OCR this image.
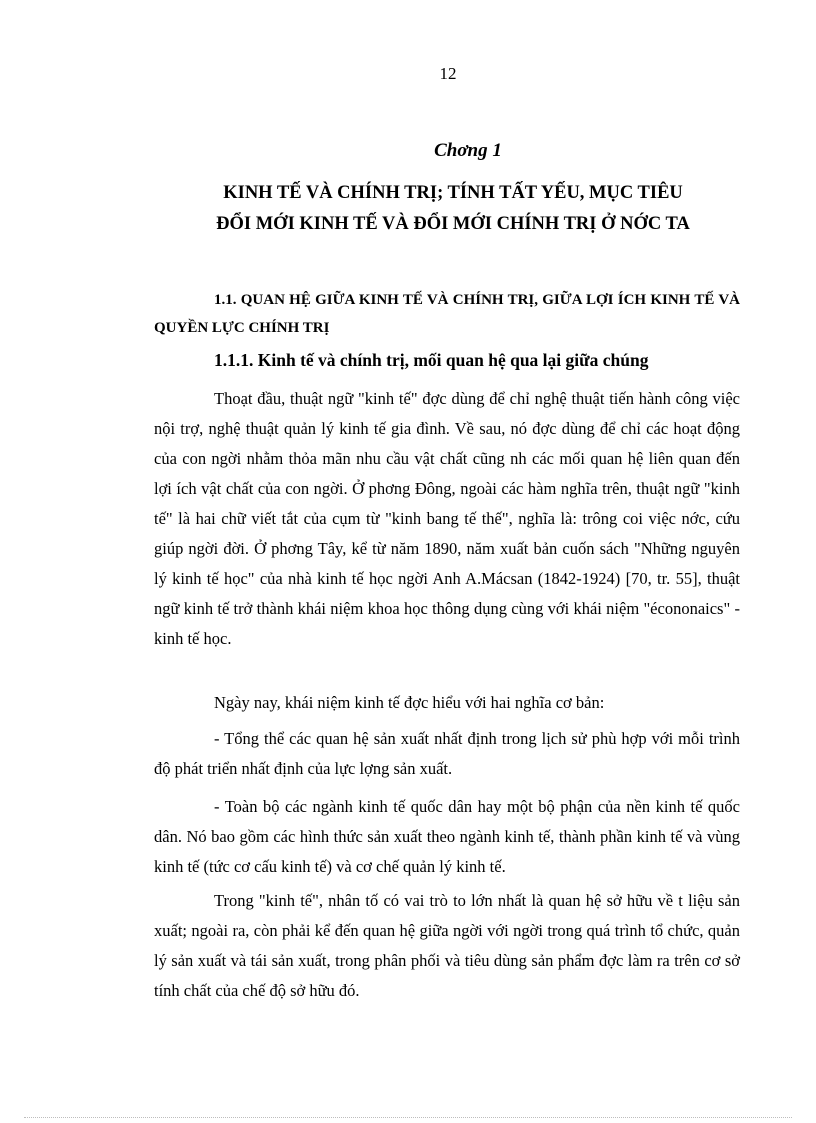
12
Chơng 1
KINH TẾ VÀ CHÍNH TRỊ; TÍNH TẤT YẾU, MỤC TIÊU
ĐỔI MỚI KINH TẾ VÀ ĐỔI MỚI CHÍNH TRỊ Ở NỚC TA
1.1. QUAN HỆ GIỮA KINH TẾ VÀ CHÍNH TRỊ, GIỮA LỢI ÍCH KINH TẾ VÀ QUYỀN LỰC CHÍNH TRỊ
1.1.1. Kinh tế và chính trị, mối quan hệ qua lại giữa chúng

Thoạt đầu, thuật ngữ "kinh tế" đợc dùng để chỉ nghệ thuật tiến hành công việc nội trợ, nghệ thuật quản lý kinh tế gia đình. Về sau, nó đợc dùng để chỉ các hoạt động của con ngời nhằm thỏa mãn nhu cầu vật chất cũng nh các mối quan hệ liên quan đến lợi ích vật chất của con ngời. Ở phơng Đông, ngoài các hàm nghĩa trên, thuật ngữ "kinh tế" là hai chữ viết tắt của cụm từ "kinh bang tế thế", nghĩa là: trông coi việc nớc, cứu giúp ngời đời. Ở phơng Tây, kể từ năm 1890, năm xuất bản cuốn sách "Những nguyên lý kinh tế học" của nhà kinh tế học ngời Anh A.Mácsan (1842-1924) [70, tr. 55], thuật ngữ kinh tế trở thành khái niệm khoa học thông dụng cùng với khái niệm "écononaics" - kinh tế học.

Ngày nay, khái niệm kinh tế đợc hiểu với hai nghĩa cơ bản:

- Tổng thể các quan hệ sản xuất nhất định trong lịch sử phù hợp với mỗi trình độ phát triển nhất định của lực lợng sản xuất.

- Toàn bộ các ngành kinh tế quốc dân hay một bộ phận của nền kinh tế quốc dân. Nó bao gồm các hình thức sản xuất theo ngành kinh tế, thành phần kinh tế và vùng kinh tế (tức cơ cấu kinh tế) và cơ chế quản lý kinh tế.

Trong "kinh tế", nhân tố có vai trò to lớn nhất là quan hệ sở hữu về t liệu sản xuất; ngoài ra, còn phải kể đến quan hệ giữa ngời với ngời trong quá trình tổ chức, quản lý sản xuất và tái sản xuất, trong phân phối và tiêu dùng sản phẩm đợc làm ra trên cơ sở tính chất của chế độ sở hữu đó.
